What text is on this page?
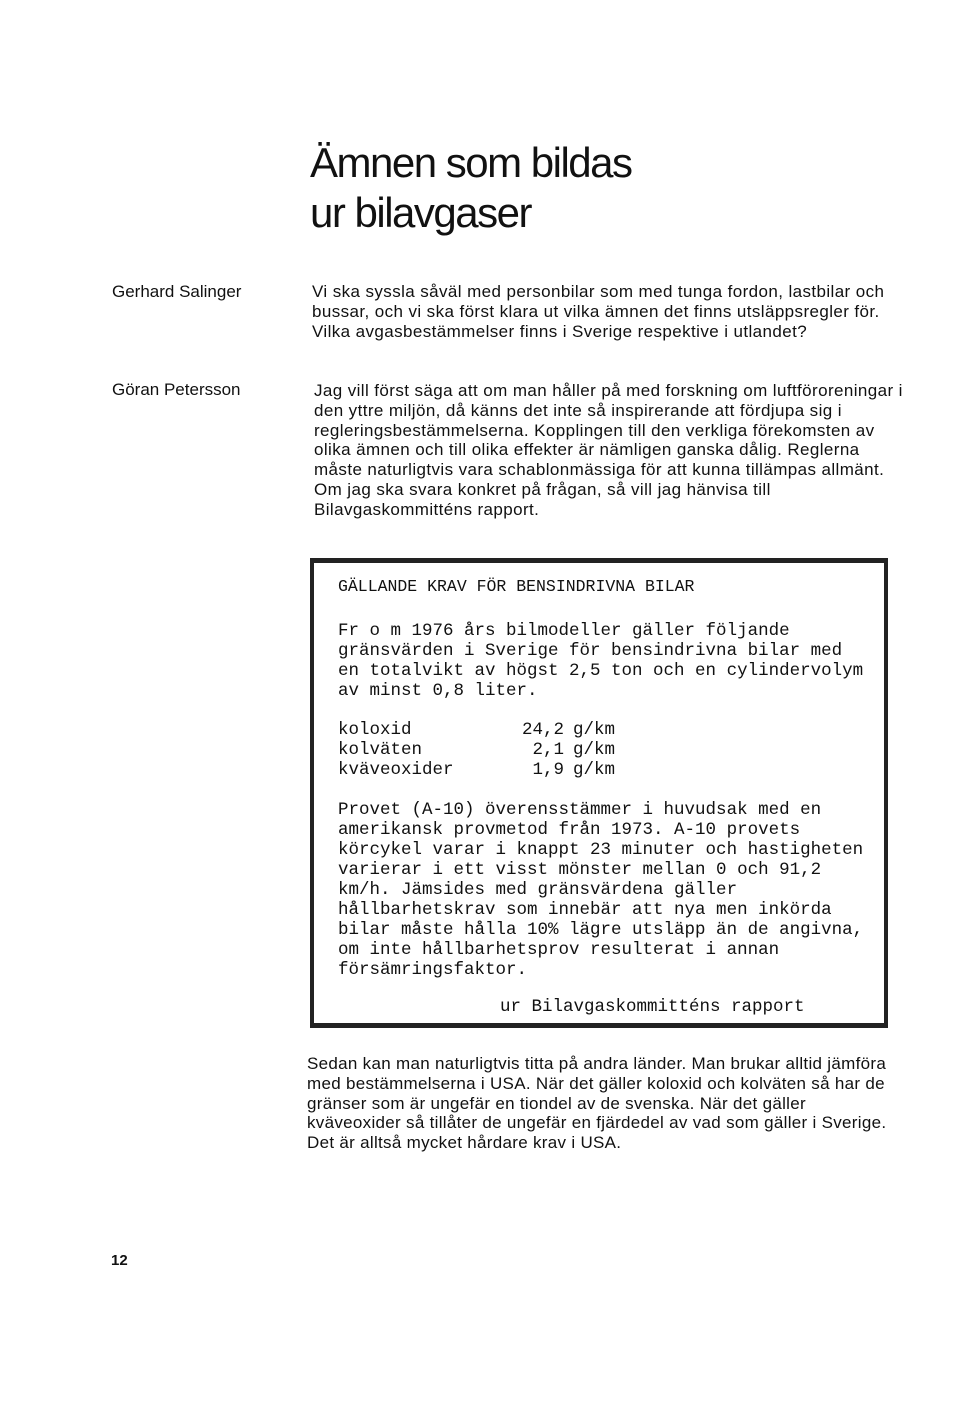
Ämnen som bildas
ur bilavgaser
Gerhard Salinger	Vi ska syssla såväl med personbilar som med tunga fordon, lastbilar och bussar, och vi ska först klara ut vilka ämnen det finns utsläppsregler för. Vilka avgasbestämmelser finns i Sverige respektive i utlandet?

Göran Petersson	Jag vill först säga att om man håller på med forskning om luftföroreningar i den yttre miljön, då känns det inte så inspirerande att fördjupa sig i regleringsbestämmelserna. Kopplingen till den verkliga förekomsten av olika ämnen och till olika effekter är nämligen ganska dålig. Reglerna måste naturligtvis vara schablonmässiga för att kunna tillämpas allmänt. Om jag ska svara konkret på frågan, så vill jag hänvisa till Bilavgaskommitténs rapport.

GÄLLANDE KRAV FÖR BENSINDRIVNA BILAR

Fr o m 1976 års bilmodeller gäller följande gränsvärden i Sverige för bensindrivna bilar med en totalvikt av högst 2,5 ton och en cylindervolym av minst 0,8 liter.

koloxid	24,2	g/km
kolväten	2,1	g/km
kväveoxider	1,9	g/km

Provet (A-10) överensstämmer i huvudsak med en amerikansk provmetod från 1973. A-10 provets körcykel varar i knappt 23 minuter och hastigheten varierar i ett visst mönster mellan 0 och 91,2 km/h. Jämsides med gränsvärdena gäller hållbarhetskrav som innebär att nya men inkörda bilar måste hålla 10% lägre utsläpp än de angivna, om inte hållbarhetsprov resulterat i annan försämringsfaktor.

ur Bilavgaskommitténs rapport

Sedan kan man naturligtvis titta på andra länder. Man brukar alltid jämföra med bestämmelserna i USA. När det gäller koloxid och kolväten så har de gränser som är ungefär en tiondel av de svenska. När det gäller kväveoxider så tillåter de ungefär en fjärdedel av vad som gäller i Sverige. Det är alltså mycket hårdare krav i USA.

12
